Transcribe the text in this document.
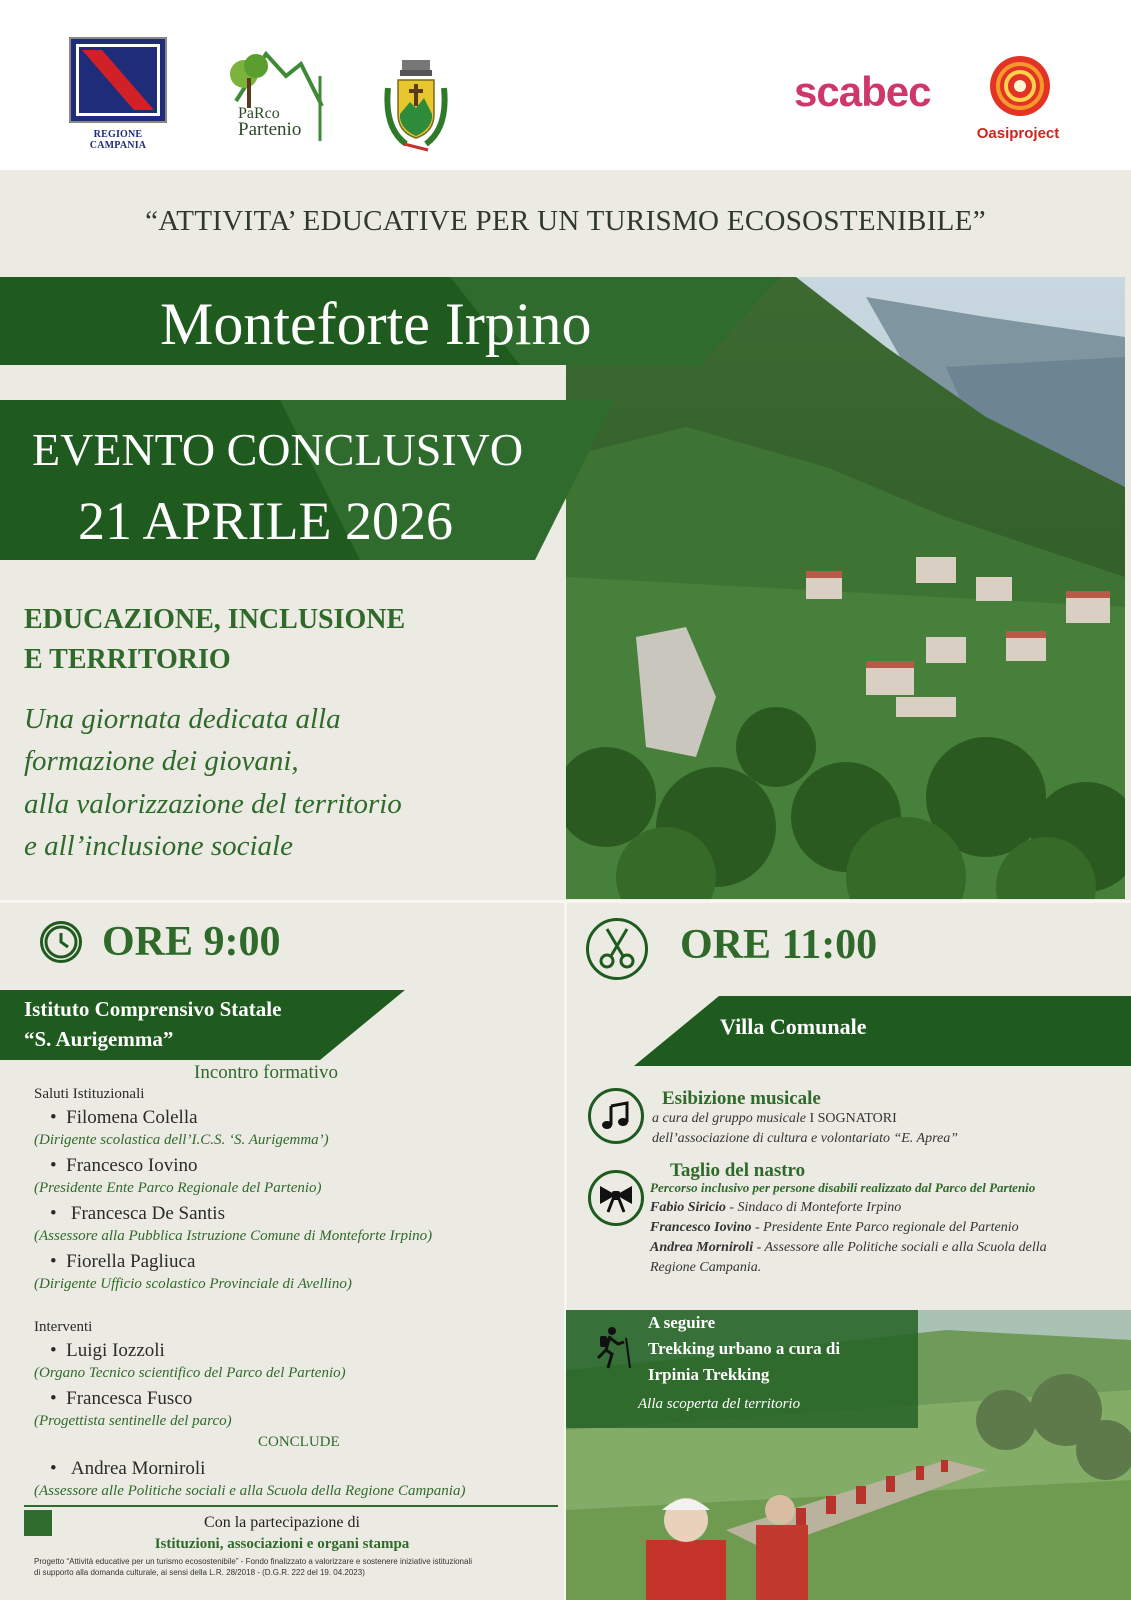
REGIONE CAMPANIA
PaRco
Partenio
scabec
Oasiproject
“ATTIVITA’ EDUCATIVE PER UN TURISMO ECOSOSTENIBILE”
Monteforte Irpino
EVENTO CONCLUSIVO
21 APRILE 2026
EDUCAZIONE, INCLUSIONE
E TERRITORIO
Una giornata dedicata alla
formazione dei giovani,
alla valorizzazione del territorio
e all’inclusione sociale
ORE 9:00
Istituto Comprensivo Statale
“S. Aurigemma”
Incontro formativo
Saluti Istituzionali
•  Filomena Colella
(Dirigente scolastica dell’I.C.S. ‘S. Aurigemma’)
•  Francesco Iovino
(Presidente Ente Parco Regionale del Partenio)
•   Francesca De Santis
(Assessore alla Pubblica Istruzione Comune di Monteforte Irpino)
•  Fiorella Pagliuca
(Dirigente Ufficio scolastico Provinciale di Avellino)
Interventi
•  Luigi Iozzoli
(Organo Tecnico scientifico del Parco del Partenio)
•  Francesca Fusco
(Progettista sentinelle del parco)
CONCLUDE
•   Andrea Morniroli
(Assessore alle Politiche sociali e alla Scuola della Regione Campania)
Con la partecipazione di
Istituzioni, associazioni e organi stampa
Progetto “Attività educative per un turismo ecosostenibile” - Fondo finalizzato a valorizzare e sostenere iniziative istituzionali
di supporto alla domanda culturale, ai sensi della L.R. 28/2018 - (D.G.R. 222 del 19. 04.2023)
ORE 11:00
Villa Comunale
Esibizione musicale
a cura del gruppo musicale I SOGNATORI
dell’associazione di cultura e volontariato “E. Aprea”
Taglio del nastro
Percorso inclusivo per persone disabili realizzato dal Parco del Partenio
Fabio Siricio - Sindaco di Monteforte Irpino
Francesco Iovino - Presidente Ente Parco regionale del Partenio
Andrea Morniroli - Assessore alle Politiche sociali e alla Scuola della
Regione Campania.
A seguire
Trekking urbano a cura di
Irpinia Trekking
Alla scoperta del territorio
